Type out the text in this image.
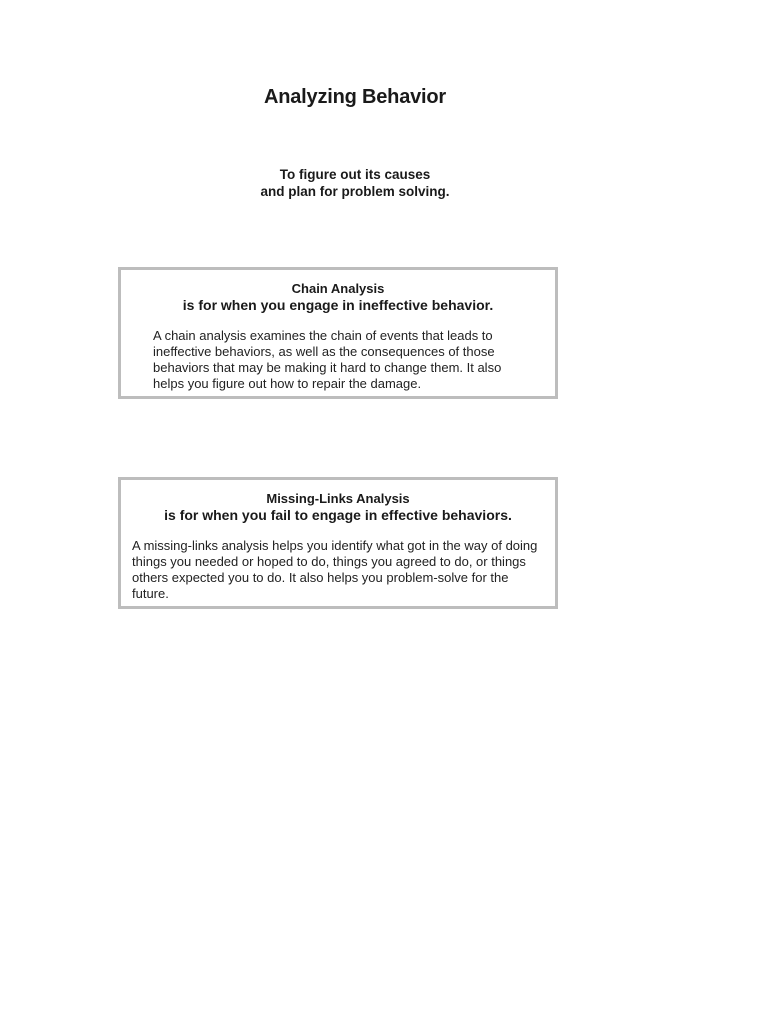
Analyzing Behavior
To figure out its causes
and plan for problem solving.
Chain Analysis
is for when you engage in ineffective behavior.
A chain analysis examines the chain of events that leads to ineffective behaviors, as well as the consequences of those behaviors that may be making it hard to change them. It also helps you figure out how to repair the damage.
Missing-Links Analysis
is for when you fail to engage in effective behaviors.
A missing-links analysis helps you identify what got in the way of doing things you needed or hoped to do, things you agreed to do, or things others expected you to do. It also helps you problem-solve for the future.
